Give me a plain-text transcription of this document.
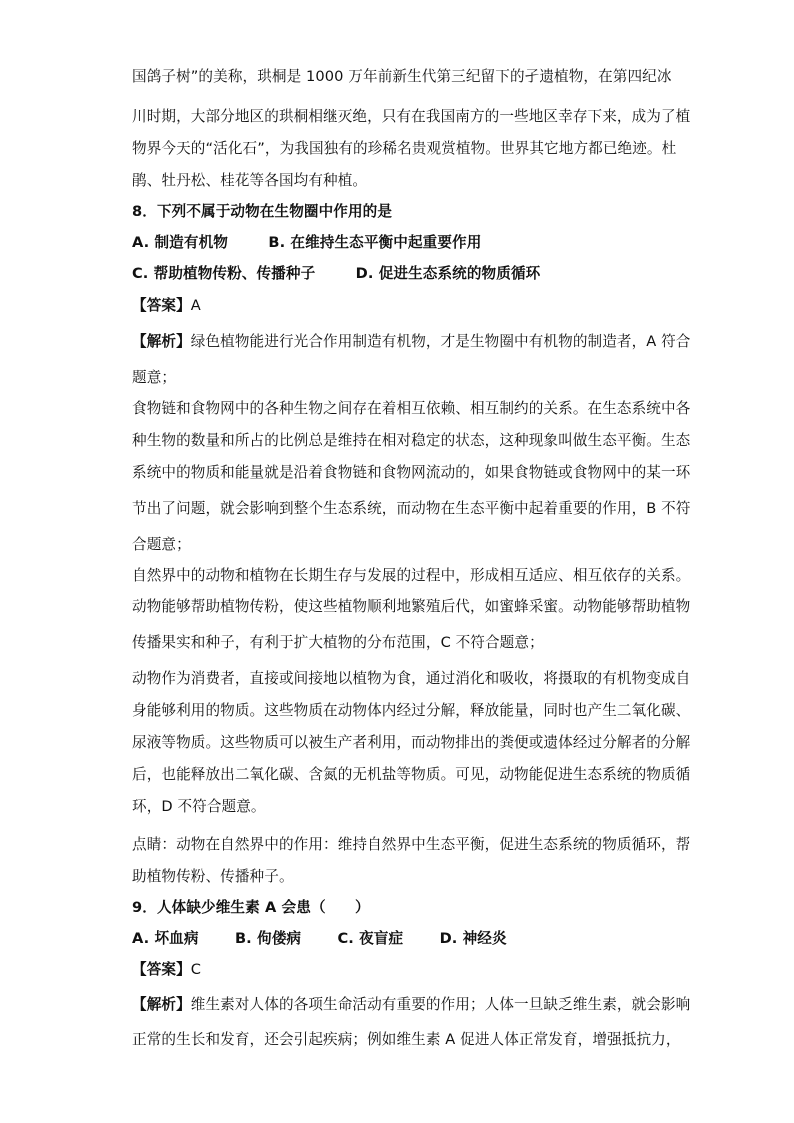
国鸽子树”的美称，珙桐是 1000 万年前新生代第三纪留下的孑遗植物，在第四纪冰
川时期，大部分地区的珙桐相继灭绝，只有在我国南方的一些地区幸存下来，成为了植
物界今天的“活化石”，为我国独有的珍稀名贵观赏植物。世界其它地方都已绝迹。杜
鹃、牡丹松、桂花等各国均有种植。
8．下列不属于动物在生物圈中作用的是
A. 制造有机物	B. 在维持生态平衡中起重要作用
C. 帮助植物传粉、传播种子	D. 促进生态系统的物质循环
【答案】A
【解析】绿色植物能进行光合作用制造有机物，才是生物圈中有机物的制造者，A 符合
题意；
食物链和食物网中的各种生物之间存在着相互依赖、相互制约的关系。在生态系统中各
种生物的数量和所占的比例总是维持在相对稳定的状态，这种现象叫做生态平衡。生态
系统中的物质和能量就是沿着食物链和食物网流动的，如果食物链或食物网中的某一环
节出了问题，就会影响到整个生态系统，而动物在生态平衡中起着重要的作用，B 不符
合题意；
自然界中的动物和植物在长期生存与发展的过程中，形成相互适应、相互依存的关系。
动物能够帮助植物传粉，使这些植物顺利地繁殖后代，如蜜蜂采蜜。动物能够帮助植物
传播果实和种子，有利于扩大植物的分布范围，C 不符合题意；
动物作为消费者，直接或间接地以植物为食，通过消化和吸收，将摄取的有机物变成自
身能够利用的物质。这些物质在动物体内经过分解，释放能量，同时也产生二氧化碳、
尿液等物质。这些物质可以被生产者利用，而动物排出的粪便或遗体经过分解者的分解
后，也能释放出二氧化碳、含氮的无机盐等物质。可见，动物能促进生态系统的物质循
环，D 不符合题意。
点睛：动物在自然界中的作用：维持自然界中生态平衡，促进生态系统的物质循环，帮
助植物传粉、传播种子。
9．人体缺少维生素 A 会患（　　）
A. 坏血病 B. 佝偻病 C. 夜盲症 D. 神经炎
【答案】C
【解析】维生素对人体的各项生命活动有重要的作用；人体一旦缺乏维生素，就会影响
正常的生长和发育，还会引起疾病；例如维生素 A 促进人体正常发育，增强抵抗力，
